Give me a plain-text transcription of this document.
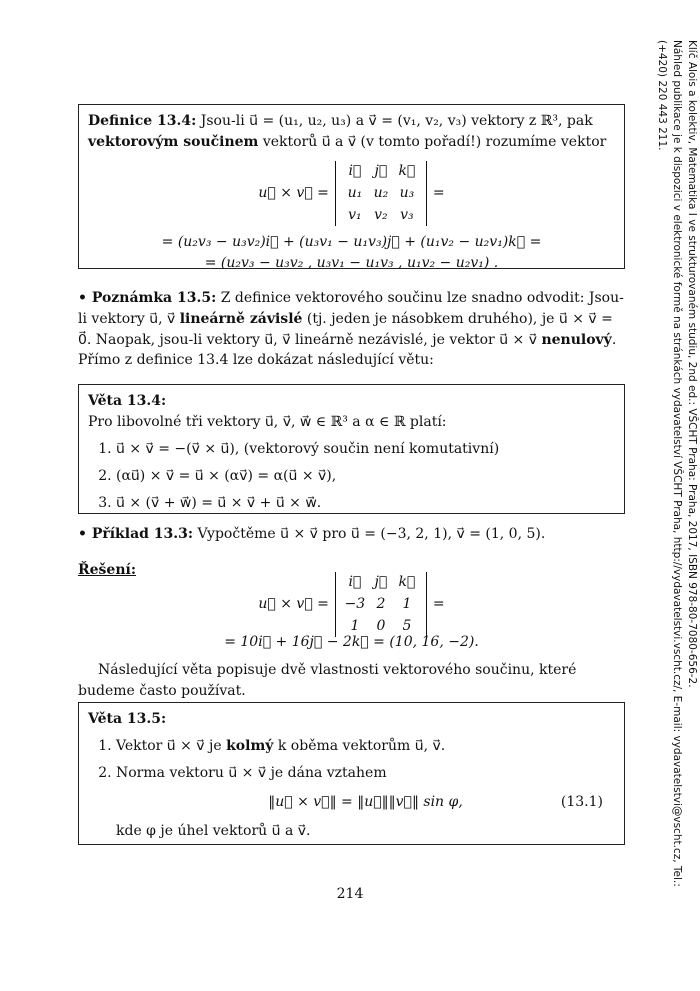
Definice 13.4: Jsou-li u⃗ = (u₁, u₂, u₃) a v⃗ = (v₁, v₂, v₃) vektory z ℝ³, pak vektorovým součinem vektorů u⃗ a v⃗ (v tomto pořadí!) rozumíme vektor
u⃗ × v⃗ =
i⃗ j⃗ k⃗
u₁ u₂ u₃
v₁ v₂ v₃
=
= (u₂v₃ − u₃v₂)i⃗ + (u₃v₁ − u₁v₃)j⃗ + (u₁v₂ − u₂v₁)k⃗ =
= (u₂v₃ − u₃v₂ , u₃v₁ − u₁v₃ , u₁v₂ − u₂v₁) .
• Poznámka 13.5: Z definice vektorového součinu lze snadno odvodit: Jsou-li vektory u⃗, v⃗ lineárně závislé (tj. jeden je násobkem druhého), je u⃗ × v⃗ = 0⃗. Naopak, jsou-li vektory u⃗, v⃗ lineárně nezávislé, je vektor u⃗ × v⃗ nenulový.
Přímo z definice 13.4 lze dokázat následující větu:
Věta 13.4:
Pro libovolné tři vektory u⃗, v⃗, w⃗ ∈ ℝ³ a α ∈ ℝ platí:
1. u⃗ × v⃗ = −(v⃗ × u⃗), (vektorový součin není komutativní)
2. (αu⃗) × v⃗ = u⃗ × (αv⃗) = α(u⃗ × v⃗),
3. u⃗ × (v⃗ + w⃗) = u⃗ × v⃗ + u⃗ × w⃗.
• Příklad 13.3: Vypočtěme u⃗ × v⃗ pro u⃗ = (−3, 2, 1), v⃗ = (1, 0, 5).
Řešení:
u⃗ × v⃗ =
i⃗ j⃗ k⃗
−3 2	1
1	0	5
=
= 10i⃗ + 16j⃗ − 2k⃗ = (10, 16, −2).
Následující věta popisuje dvě vlastnosti vektorového součinu, které budeme často používat.
Věta 13.5:
1. Vektor u⃗ × v⃗ je kolmý k oběma vektorům u⃗, v⃗.
2. Norma vektoru u⃗ × v⃗ je dána vztahem
‖u⃗ × v⃗‖ = ‖u⃗‖‖v⃗‖ sin φ,	(13.1)
kde φ je úhel vektorů u⃗ a v⃗.
214
Klíč Alois a kolektiv, Matematika I ve strukturovaném studiu, 2nd ed.: VŠCHT Praha: Praha, 2017, ISBN 978-80-7080-656-2.
Náhled publikace je k dispozici v elektronické formě na stránkách vydavatelství VŠCHT Praha, http://vydavatelstvi.vscht.cz/, E-mail: vydavatelstvi@vscht.cz, Tel.: (+420) 220 443 211.
